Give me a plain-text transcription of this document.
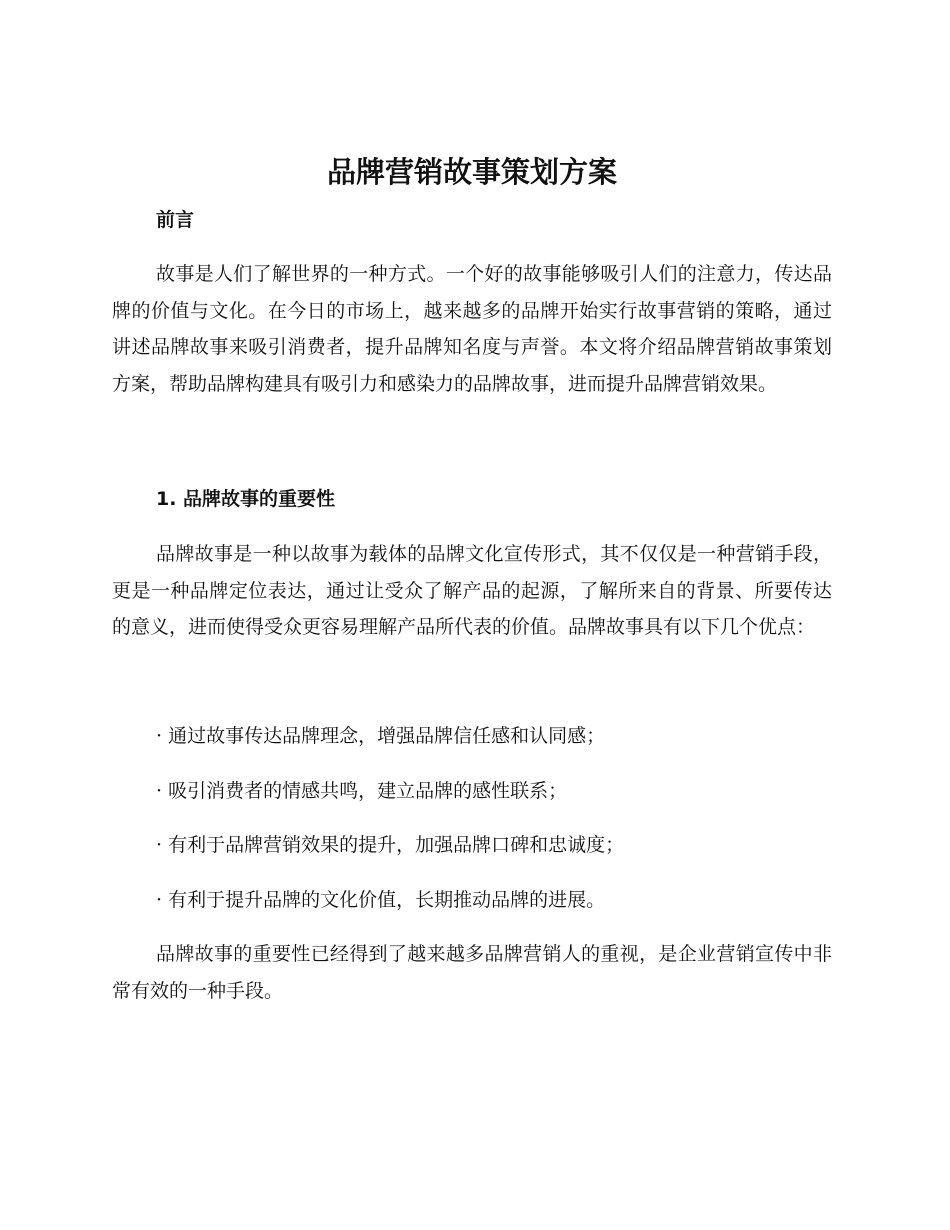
品牌营销故事策划方案
前言

故事是人们了解世界的一种方式。一个好的故事能够吸引人们的注意力，传达品牌的价值与文化。在今日的市场上，越来越多的品牌开始实行故事营销的策略，通过讲述品牌故事来吸引消费者，提升品牌知名度与声誉。本文将介绍品牌营销故事策划方案，帮助品牌构建具有吸引力和感染力的品牌故事，进而提升品牌营销效果。

1. 品牌故事的重要性

品牌故事是一种以故事为载体的品牌文化宣传形式，其不仅仅是一种营销手段，更是一种品牌定位表达，通过让受众了解产品的起源，了解所来自的背景、所要传达的意义，进而使得受众更容易理解产品所代表的价值。品牌故事具有以下几个优点：

· 通过故事传达品牌理念，增强品牌信任感和认同感；
· 吸引消费者的情感共鸣，建立品牌的感性联系；
· 有利于品牌营销效果的提升，加强品牌口碑和忠诚度；
· 有利于提升品牌的文化价值，长期推动品牌的进展。

品牌故事的重要性已经得到了越来越多品牌营销人的重视，是企业营销宣传中非常有效的一种手段。
